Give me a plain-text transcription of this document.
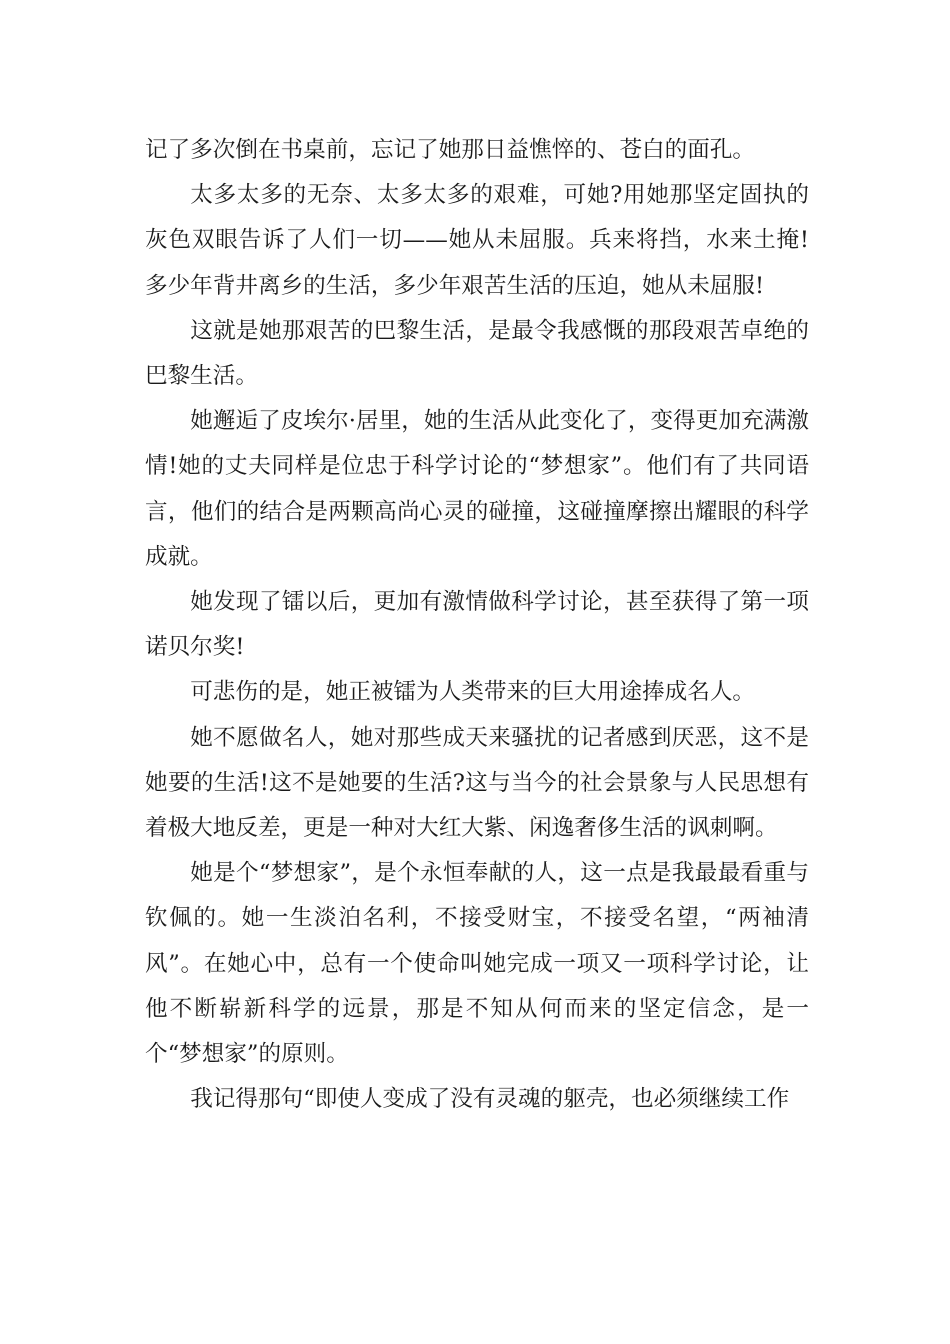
记了多次倒在书桌前，忘记了她那日益憔悴的、苍白的面孔。

太多太多的无奈、太多太多的艰难，可她?用她那坚定固执的灰色双眼告诉了人们一切——她从未屈服。兵来将挡，水来土掩!多少年背井离乡的生活，多少年艰苦生活的压迫，她从未屈服!

这就是她那艰苦的巴黎生活，是最令我感慨的那段艰苦卓绝的巴黎生活。

她邂逅了皮埃尔·居里，她的生活从此变化了，变得更加充满激情!她的丈夫同样是位忠于科学讨论的“梦想家”。他们有了共同语言，他们的结合是两颗高尚心灵的碰撞，这碰撞摩擦出耀眼的科学成就。

她发现了镭以后，更加有激情做科学讨论，甚至获得了第一项诺贝尔奖!

可悲伤的是，她正被镭为人类带来的巨大用途捧成名人。

她不愿做名人，她对那些成天来骚扰的记者感到厌恶，这不是她要的生活!这不是她要的生活?这与当今的社会景象与人民思想有着极大地反差，更是一种对大红大紫、闲逸奢侈生活的讽刺啊。

她是个“梦想家”，是个永恒奉献的人，这一点是我最最看重与钦佩的。她一生淡泊名利，不接受财宝，不接受名望，“两袖清风”。在她心中，总有一个使命叫她完成一项又一项科学讨论，让他不断崭新科学的远景，那是不知从何而来的坚定信念，是一个“梦想家”的原则。

我记得那句“即使人变成了没有灵魂的躯壳，也必须继续工作
